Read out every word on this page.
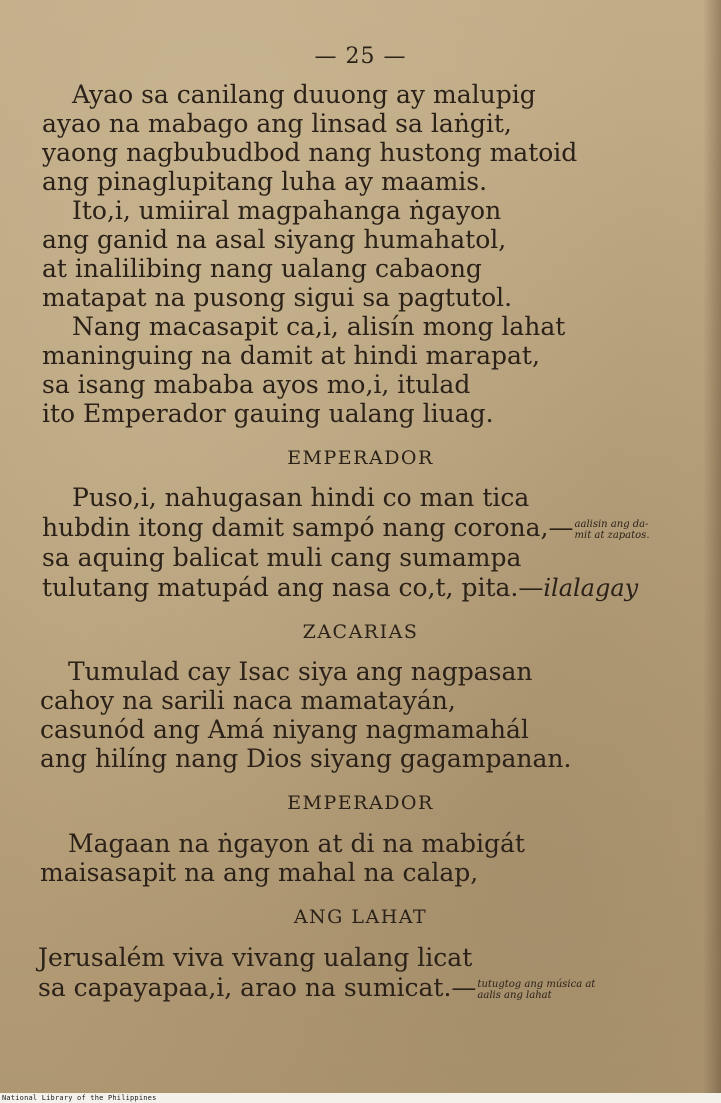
— 25 —
Ayao sa canilang duuong ay malupig
ayao na mabago ang linsad sa laṅgit,
yaong nagbubudbod nang hustong matoid
ang pinaglupitang luha ay maamis.
Ito,i, umiiral magpahanga ṅgayon
ang ganid na asal siyang humahatol,
at inalilibing nang ualang cabaong
matapat na pusong sigui sa pagtutol.
Nang macasapit ca,i, alisín mong lahat
maninguing na damit at hindi marapat,
sa isang mababa ayos mo,i, itulad
ito Emperador gauing ualang liuag.
EMPERADOR
Puso,i, nahugasan hindi co man tica
hubdin itong damit sampó nang corona,— aalisin ang da-
mit at zapatos.
sa aquing balicat muli cang sumampa
tulutang matupád ang nasa co,t, pita.—ilalagay
ZACARIAS
Tumulad cay Isac siya ang nagpasan
cahoy na sarili naca mamatayán,
casunód ang Amá niyang nagmamahál
ang hilíng nang Dios siyang gagampanan.
EMPERADOR
Magaan na ṅgayon at di na mabigát
maisasapit na ang mahal na calap,
ANG LAHAT
Jerusalém viva vivang ualang licat
sa capayapaa,i, arao na sumicat.— tutugtog ang música at
aalis ang lahat
National Library of the Philippines
